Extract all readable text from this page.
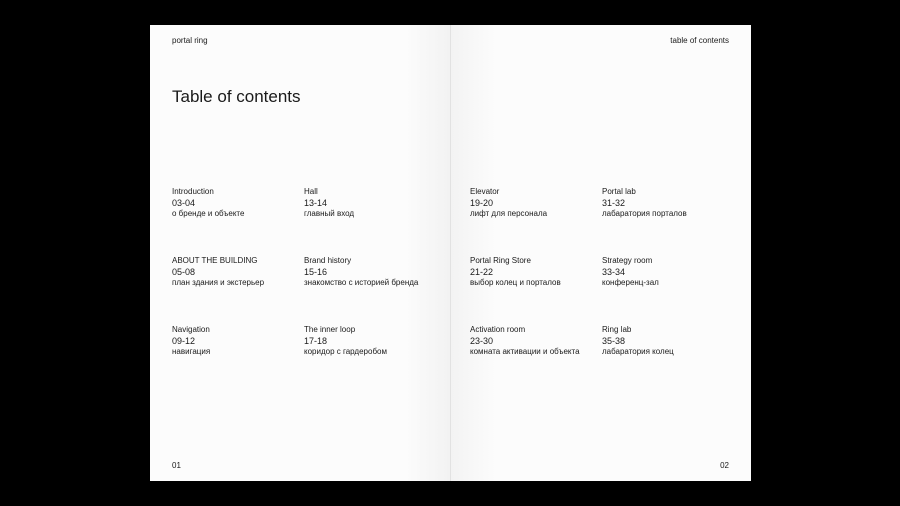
portal ring
Table of contents
Introduction
03-04
о бренде и объекте
Hall
13-14
главный вход
ABOUT THE BUILDING
05-08
план здания и экстерьер
Brand history
15-16
знакомство с историей бренда
Navigation
09-12
навигация
The inner loop
17-18
коридор с гардеробом
01
table of contents
Elevator
19-20
лифт для персонала
Portal lab
31-32
лабаратория порталов
Portal Ring Store
21-22
выбор колец и порталов
Strategy room
33-34
конференц-зал
Activation room
23-30
комната активации и объекта
Ring lab
35-38
лабаратория колец
02
